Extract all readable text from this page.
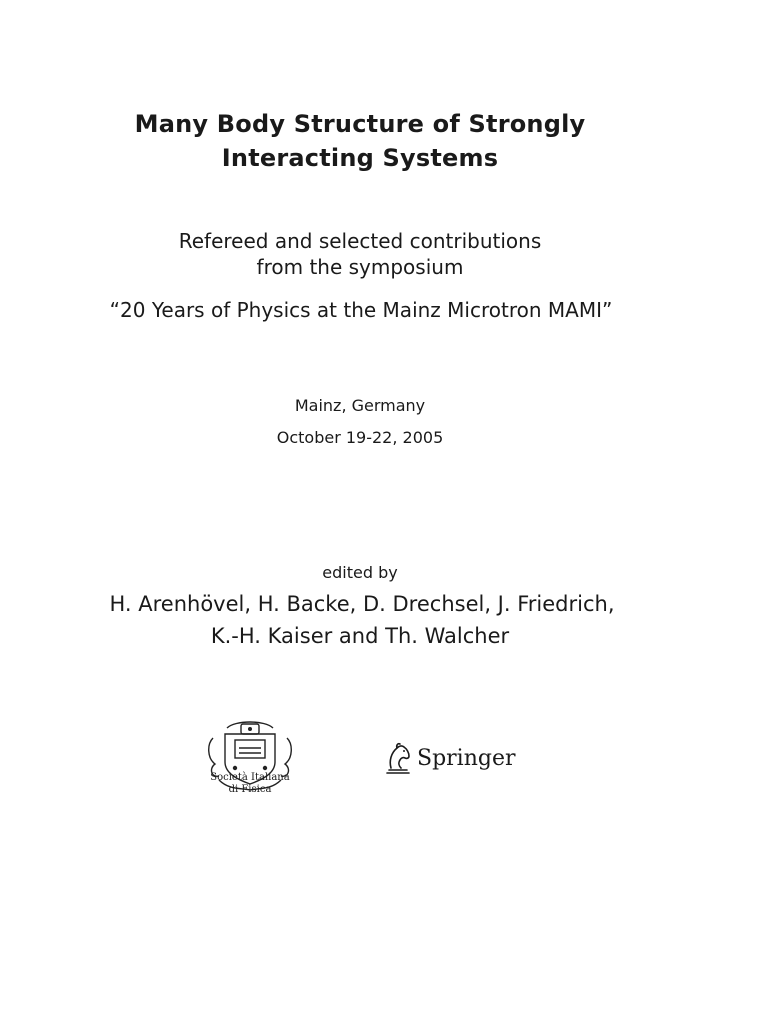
Many Body Structure of Strongly
Interacting Systems
Refereed and selected contributions
from the symposium
“20 Years of Physics at the Mainz Microtron MAMI”
Mainz, Germany
October 19-22, 2005
edited by
H. Arenhövel, H. Backe, D. Drechsel, J. Friedrich,
K.-H. Kaiser and Th. Walcher
Società Italiana
di Fisica
Springer
